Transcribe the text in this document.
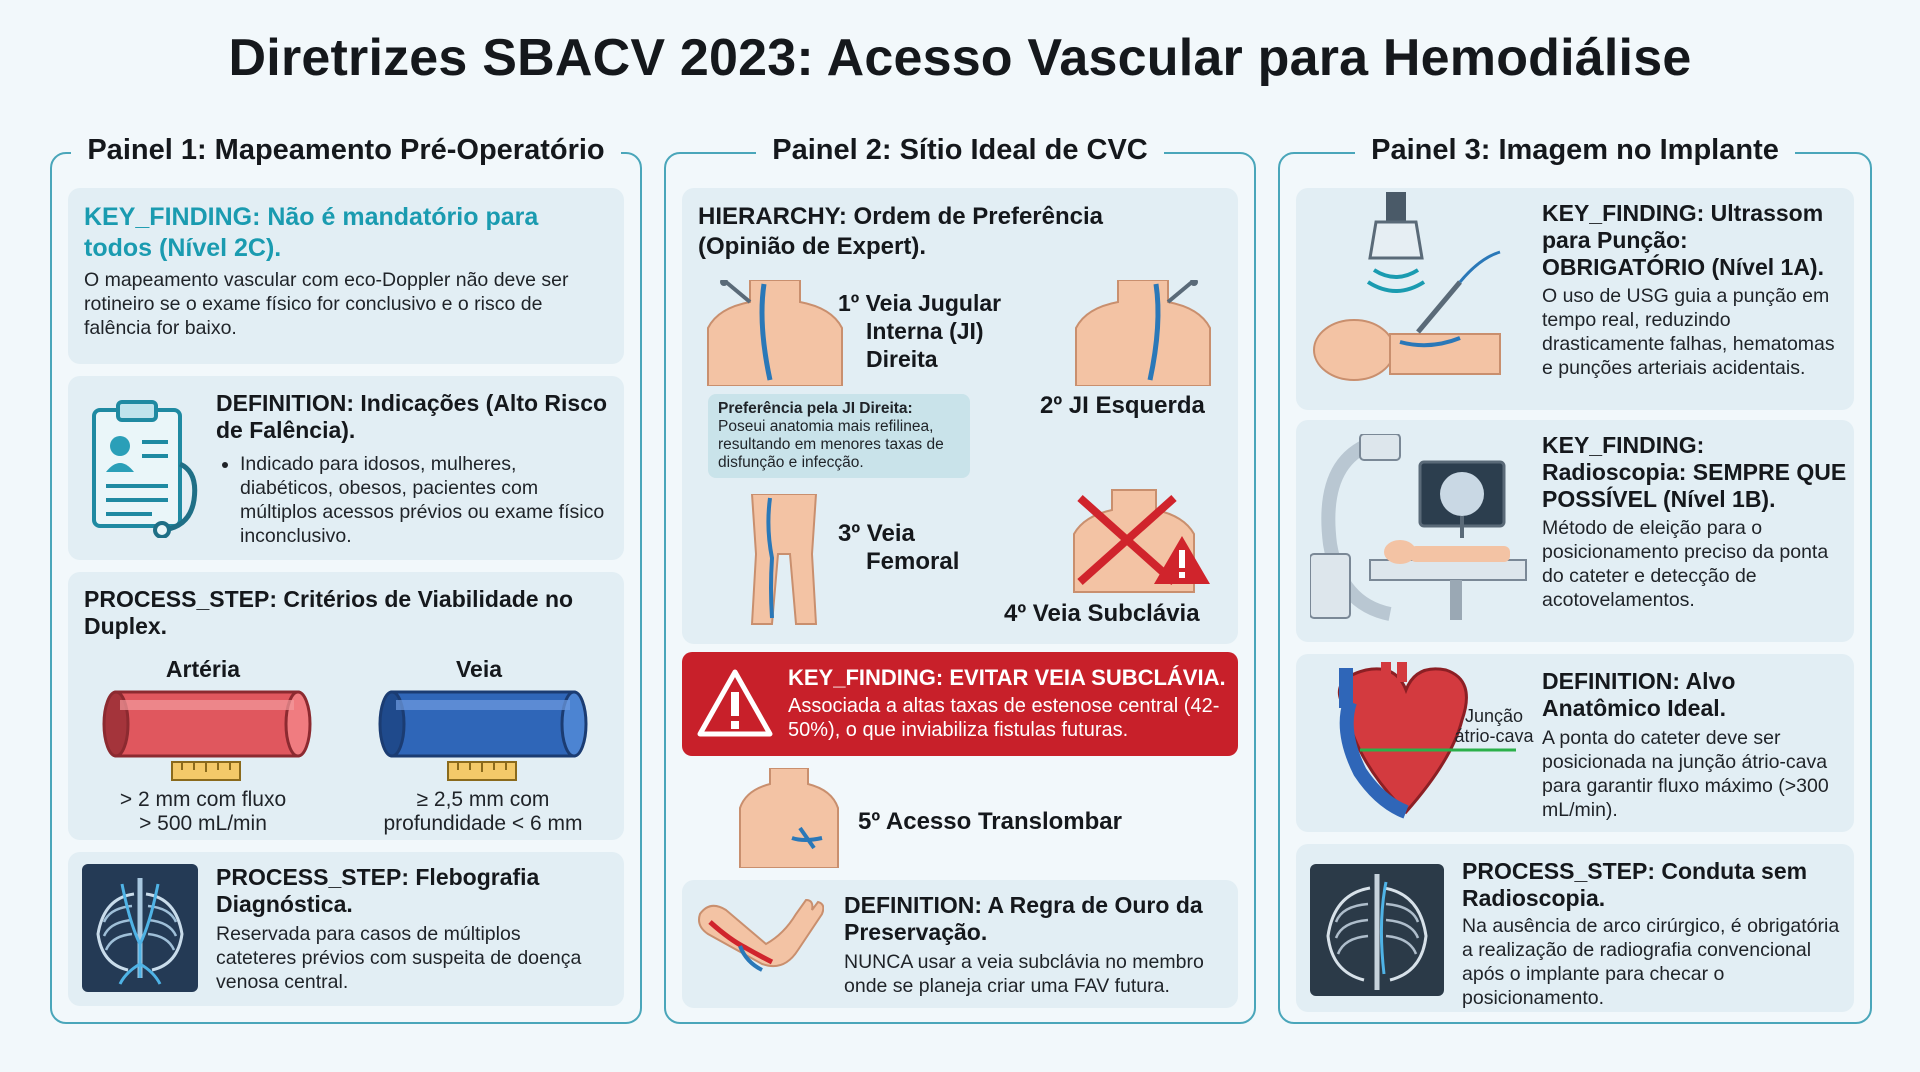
Diretrizes SBACV 2023: Acesso Vascular para Hemodiálise
Painel 1: Mapeamento Pré-Operatório
KEY_FINDING: Não é mandatório para todos (Nível 2C).
O mapeamento vascular com eco-Doppler não deve ser rotineiro se o exame físico for conclusivo e o risco de falência for baixo.
DEFINITION: Indicações (Alto Risco de Falência).
• Indicado para idosos, mulheres, diabéticos, obesos, pacientes com múltiplos acessos prévios ou exame físico inconclusivo.
PROCESS_STEP: Critérios de Viabilidade no Duplex.
Artéria	Veia
> 2 mm com fluxo
> 500 mL/min
≥ 2,5 mm com
profundidade < 6 mm
PROCESS_STEP: Flebografia Diagnóstica.
Reservada para casos de múltiplos cateteres prévios com suspeita de doença venosa central.
Painel 2: Sítio Ideal de CVC
HIERARCHY: Ordem de Preferência (Opinião de Expert).
1º Veia Jugular
Interna (JI)
Direita
2º JI Esquerda
Preferência pela JI Direita:
Poseui anatomia mais refilinea, resultando em menores taxas de disfunção e infecção.
3º Veia
Femoral
4º Veia Subclávia
KEY_FINDING: EVITAR VEIA SUBCLÁVIA.
Associada a altas taxas de estenose central (42-50%), o que inviabiliza fistulas futuras.
5º Acesso Translombar
DEFINITION: A Regra de Ouro da Preservação.
NUNCA usar a veia subclávia no membro onde se planeja criar uma FAV futura.
Painel 3: Imagem no Implante
KEY_FINDING: Ultrassom para Punção: OBRIGATÓRIO (Nível 1A).
O uso de USG guia a punção em tempo real, reduzindo drasticamente falhas, hematomas e punções arteriais acidentais.
KEY_FINDING: Radioscopia: SEMPRE QUE POSSÍVEL (Nível 1B).
Método de eleição para o posicionamento preciso da ponta do cateter e detecção de acotovelamentos.
Junção átrio-cava
DEFINITION: Alvo Anatômico Ideal.
A ponta do cateter deve ser posicionada na junção átrio-cava para garantir fluxo máximo (>300 mL/min).
PROCESS_STEP: Conduta sem Radioscopia.
Na ausência de arco cirúrgico, é obrigatória a realização de radiografia convencional após o implante para checar o posicionamento.
